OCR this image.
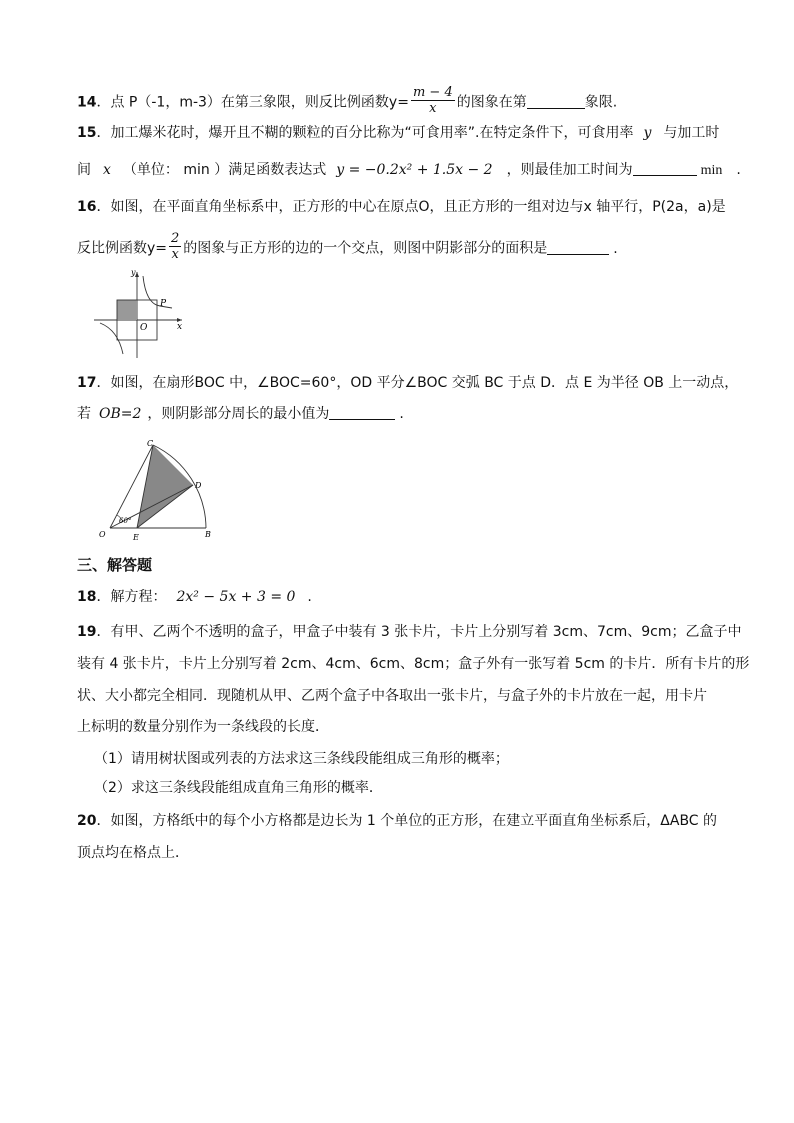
14．点 P（-1，m-3）在第三象限，则反比例函数$y= \frac{m - 4}{x}$ 的图象在第	象限.
15．加工爆米花时，爆开且不糊的颗粒的百分比称为“可食用率”.在特定条件下，可食用率 y 与加工时
间 x （单位： min ）满足函数表达式 y = −0.2x² + 1.5x − 2 ，则最佳加工时间为	min .
16．如图，在平面直角坐标系中，正方形的中心在原点O，且正方形的一组对边与x 轴平行，P(2a，a)是
反比例函数$y= \frac{2}{x}$ 的图象与正方形的边的一个交点，则图中阴影部分的面积是	.
y
x
O
P
17．如图，在扇形BOC 中，∠BOC=60°，OD 平分∠BOC 交弧 BC 于点 D．点 E 为半径 OB 上一动点，
若 OB=2 ，则阴影部分周长的最小值为	.
C
D
O	E	B
60°
三、解答题
18．解方程： 2x² − 5x + 3 = 0 .
19．有甲、乙两个不透明的盒子，甲盒子中装有 3 张卡片，卡片上分别写着 3cm、7cm、9cm；乙盒子中
装有 4 张卡片，卡片上分别写着 2cm、4cm、6cm、8cm；盒子外有一张写着 5cm 的卡片．所有卡片的形
状、大小都完全相同．现随机从甲、乙两个盒子中各取出一张卡片，与盒子外的卡片放在一起，用卡片
上标明的数量分别作为一条线段的长度．
（1）请用树状图或列表的方法求这三条线段能组成三角形的概率；
（2）求这三条线段能组成直角三角形的概率．
20．如图，方格纸中的每个小方格都是边长为 1 个单位的正方形，在建立平面直角坐标系后，ΔABC 的
顶点均在格点上．
